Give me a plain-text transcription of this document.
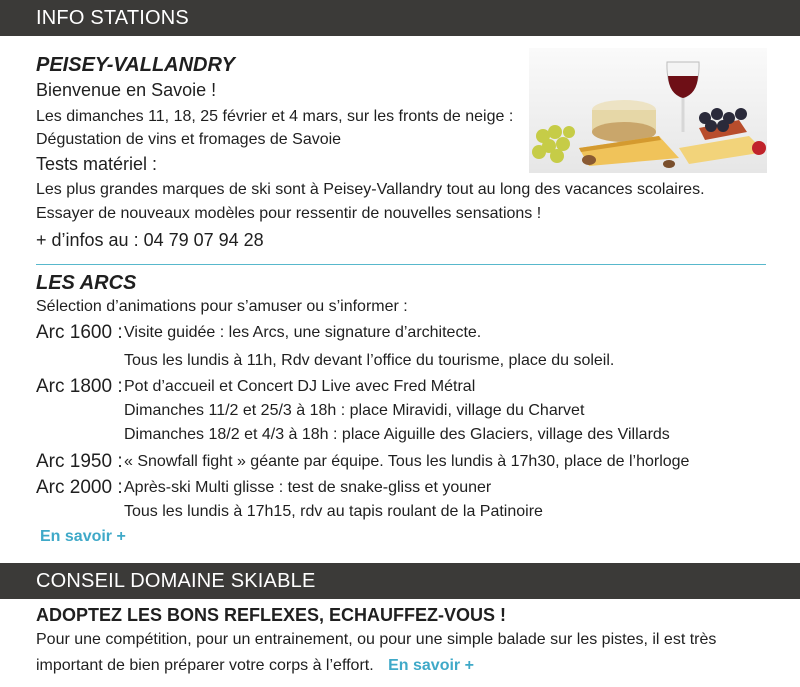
INFO STATIONS
PEISEY-VALLANDRY
Bienvenue en Savoie !
Les dimanches 11, 18, 25 février et 4 mars, sur les fronts de neige :
Dégustation de vins et fromages de Savoie
Tests matériel :
Les plus grandes marques de ski sont à Peisey-Vallandry tout au long des vacances scolaires.
Essayer de nouveaux modèles pour ressentir de nouvelles sensations !
+ d’infos au : 04 79 07 94 28
LES ARCS
Sélection d’animations pour s’amuser ou s’informer :
Arc 1600 : Visite guidée : les Arcs, une signature d’architecte.
Tous les lundis à 11h, Rdv devant l’office du tourisme, place du soleil.
Arc 1800 : Pot d’accueil et Concert DJ Live avec Fred Métral
Dimanches 11/2 et 25/3 à 18h : place Miravidi, village du Charvet
Dimanches 18/2 et 4/3 à 18h : place Aiguille des Glaciers, village des Villards
Arc 1950 : « Snowfall fight » géante par équipe. Tous les lundis à 17h30, place de l’horloge
Arc 2000 : Après-ski Multi glisse : test de snake-gliss et youner
Tous les lundis à 17h15, rdv au tapis roulant de la Patinoire
En savoir +
CONSEIL DOMAINE SKIABLE
ADOPTEZ LES BONS REFLEXES, ECHAUFFEZ-VOUS !
Pour une compétition, pour un entrainement, ou pour une simple balade sur les pistes, il est très
important de bien préparer votre corps à l’effort. En savoir +
